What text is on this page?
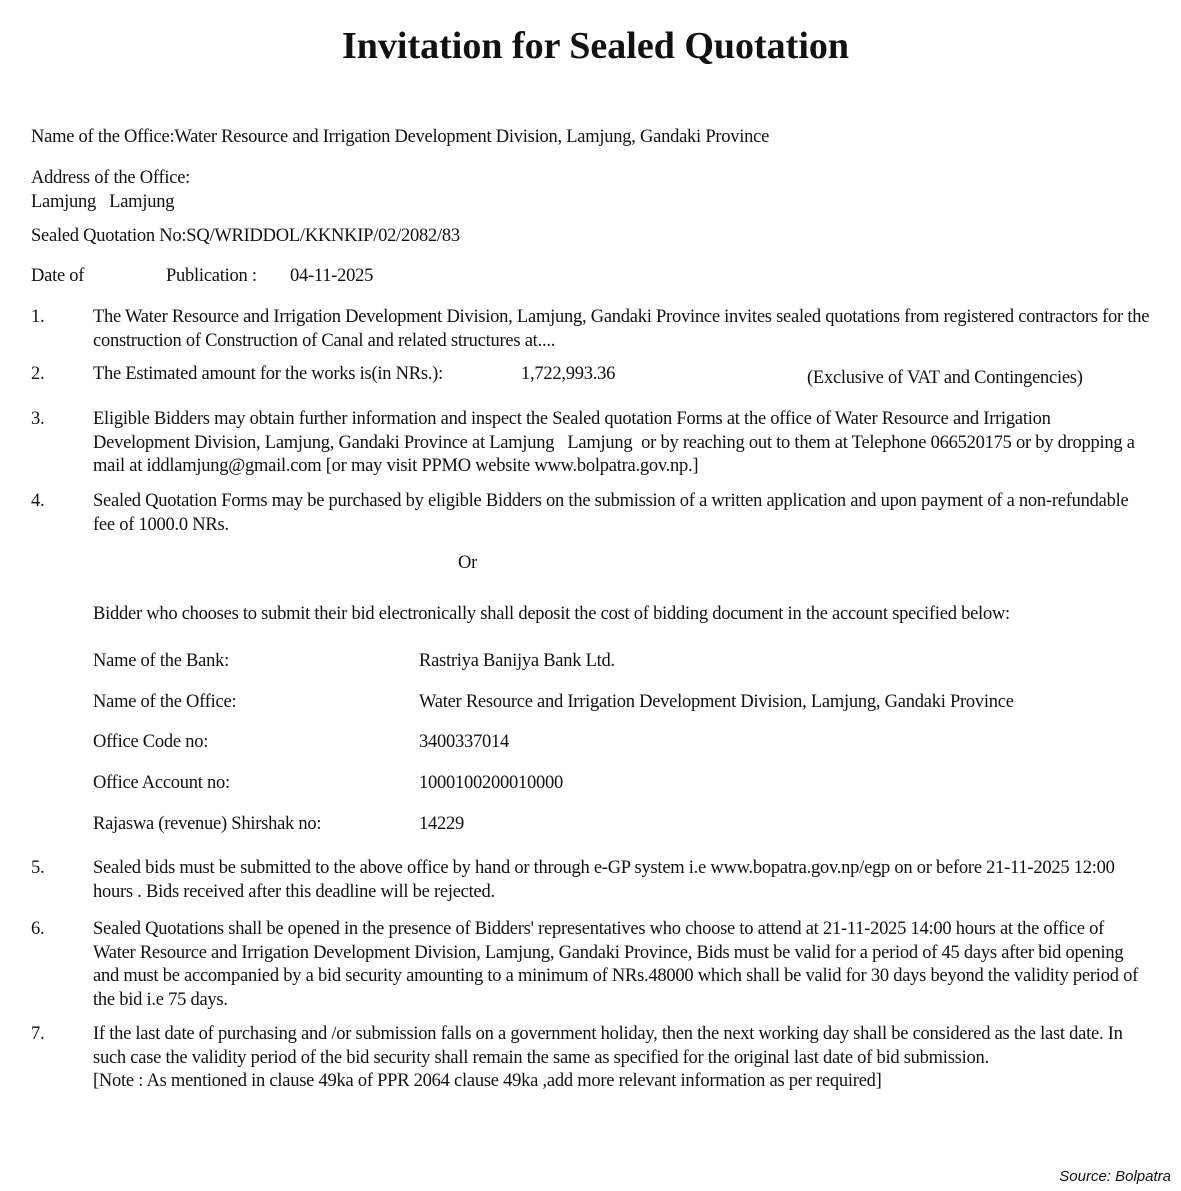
Invitation for Sealed Quotation
Name of the Office:Water Resource and Irrigation Development Division, Lamjung, Gandaki Province
Address of the Office:
Lamjung   Lamjung
Sealed Quotation No:SQ/WRIDDOL/KKNKIP/02/2082/83
Date of	Publication : 04-11-2025
1.	The Water Resource and Irrigation Development Division, Lamjung, Gandaki Province invites sealed quotations from registered contractors for the construction of Construction of Canal and related structures at....
2.	The Estimated amount for the works is(in NRs.):	1,722,993.36	(Exclusive of VAT and Contingencies)
3.	Eligible Bidders may obtain further information and inspect the Sealed quotation Forms at the office of Water Resource and Irrigation Development Division, Lamjung, Gandaki Province at Lamjung   Lamjung  or by reaching out to them at Telephone 066520175 or by dropping a mail at iddlamjung@gmail.com [or may visit PPMO website www.bolpatra.gov.np.]
4.	Sealed Quotation Forms may be purchased by eligible Bidders on the submission of a written application and upon payment of a non-refundable fee of 1000.0 NRs.
Or
Bidder who chooses to submit their bid electronically shall deposit the cost of bidding document in the account specified below:
Name of the Bank:	Rastriya Banijya Bank Ltd.
Name of the Office:	Water Resource and Irrigation Development Division, Lamjung, Gandaki Province
Office Code no:	3400337014
Office Account no:	1000100200010000
Rajaswa (revenue) Shirshak no:	14229
5.	Sealed bids must be submitted to the above office by hand or through e-GP system i.e www.bopatra.gov.np/egp on or before 21-11-2025 12:00 hours . Bids received after this deadline will be rejected.
6.	Sealed Quotations shall be opened in the presence of Bidders' representatives who choose to attend at 21-11-2025 14:00 hours at the office of  Water Resource and Irrigation Development Division, Lamjung, Gandaki Province, Bids must be valid for a period of 45 days after bid opening and must be accompanied by a bid security amounting to a minimum of NRs.48000 which shall be valid for 30 days beyond the validity period of the bid i.e 75 days.
7.	If the last date of purchasing and /or submission falls on a government holiday, then the next working day shall be considered as the last date. In such case the validity period of the bid security shall remain the same as specified for the original last date of bid submission.
[Note : As mentioned in clause 49ka of PPR 2064 clause 49ka ,add more relevant information as per required]
Source: Bolpatra
